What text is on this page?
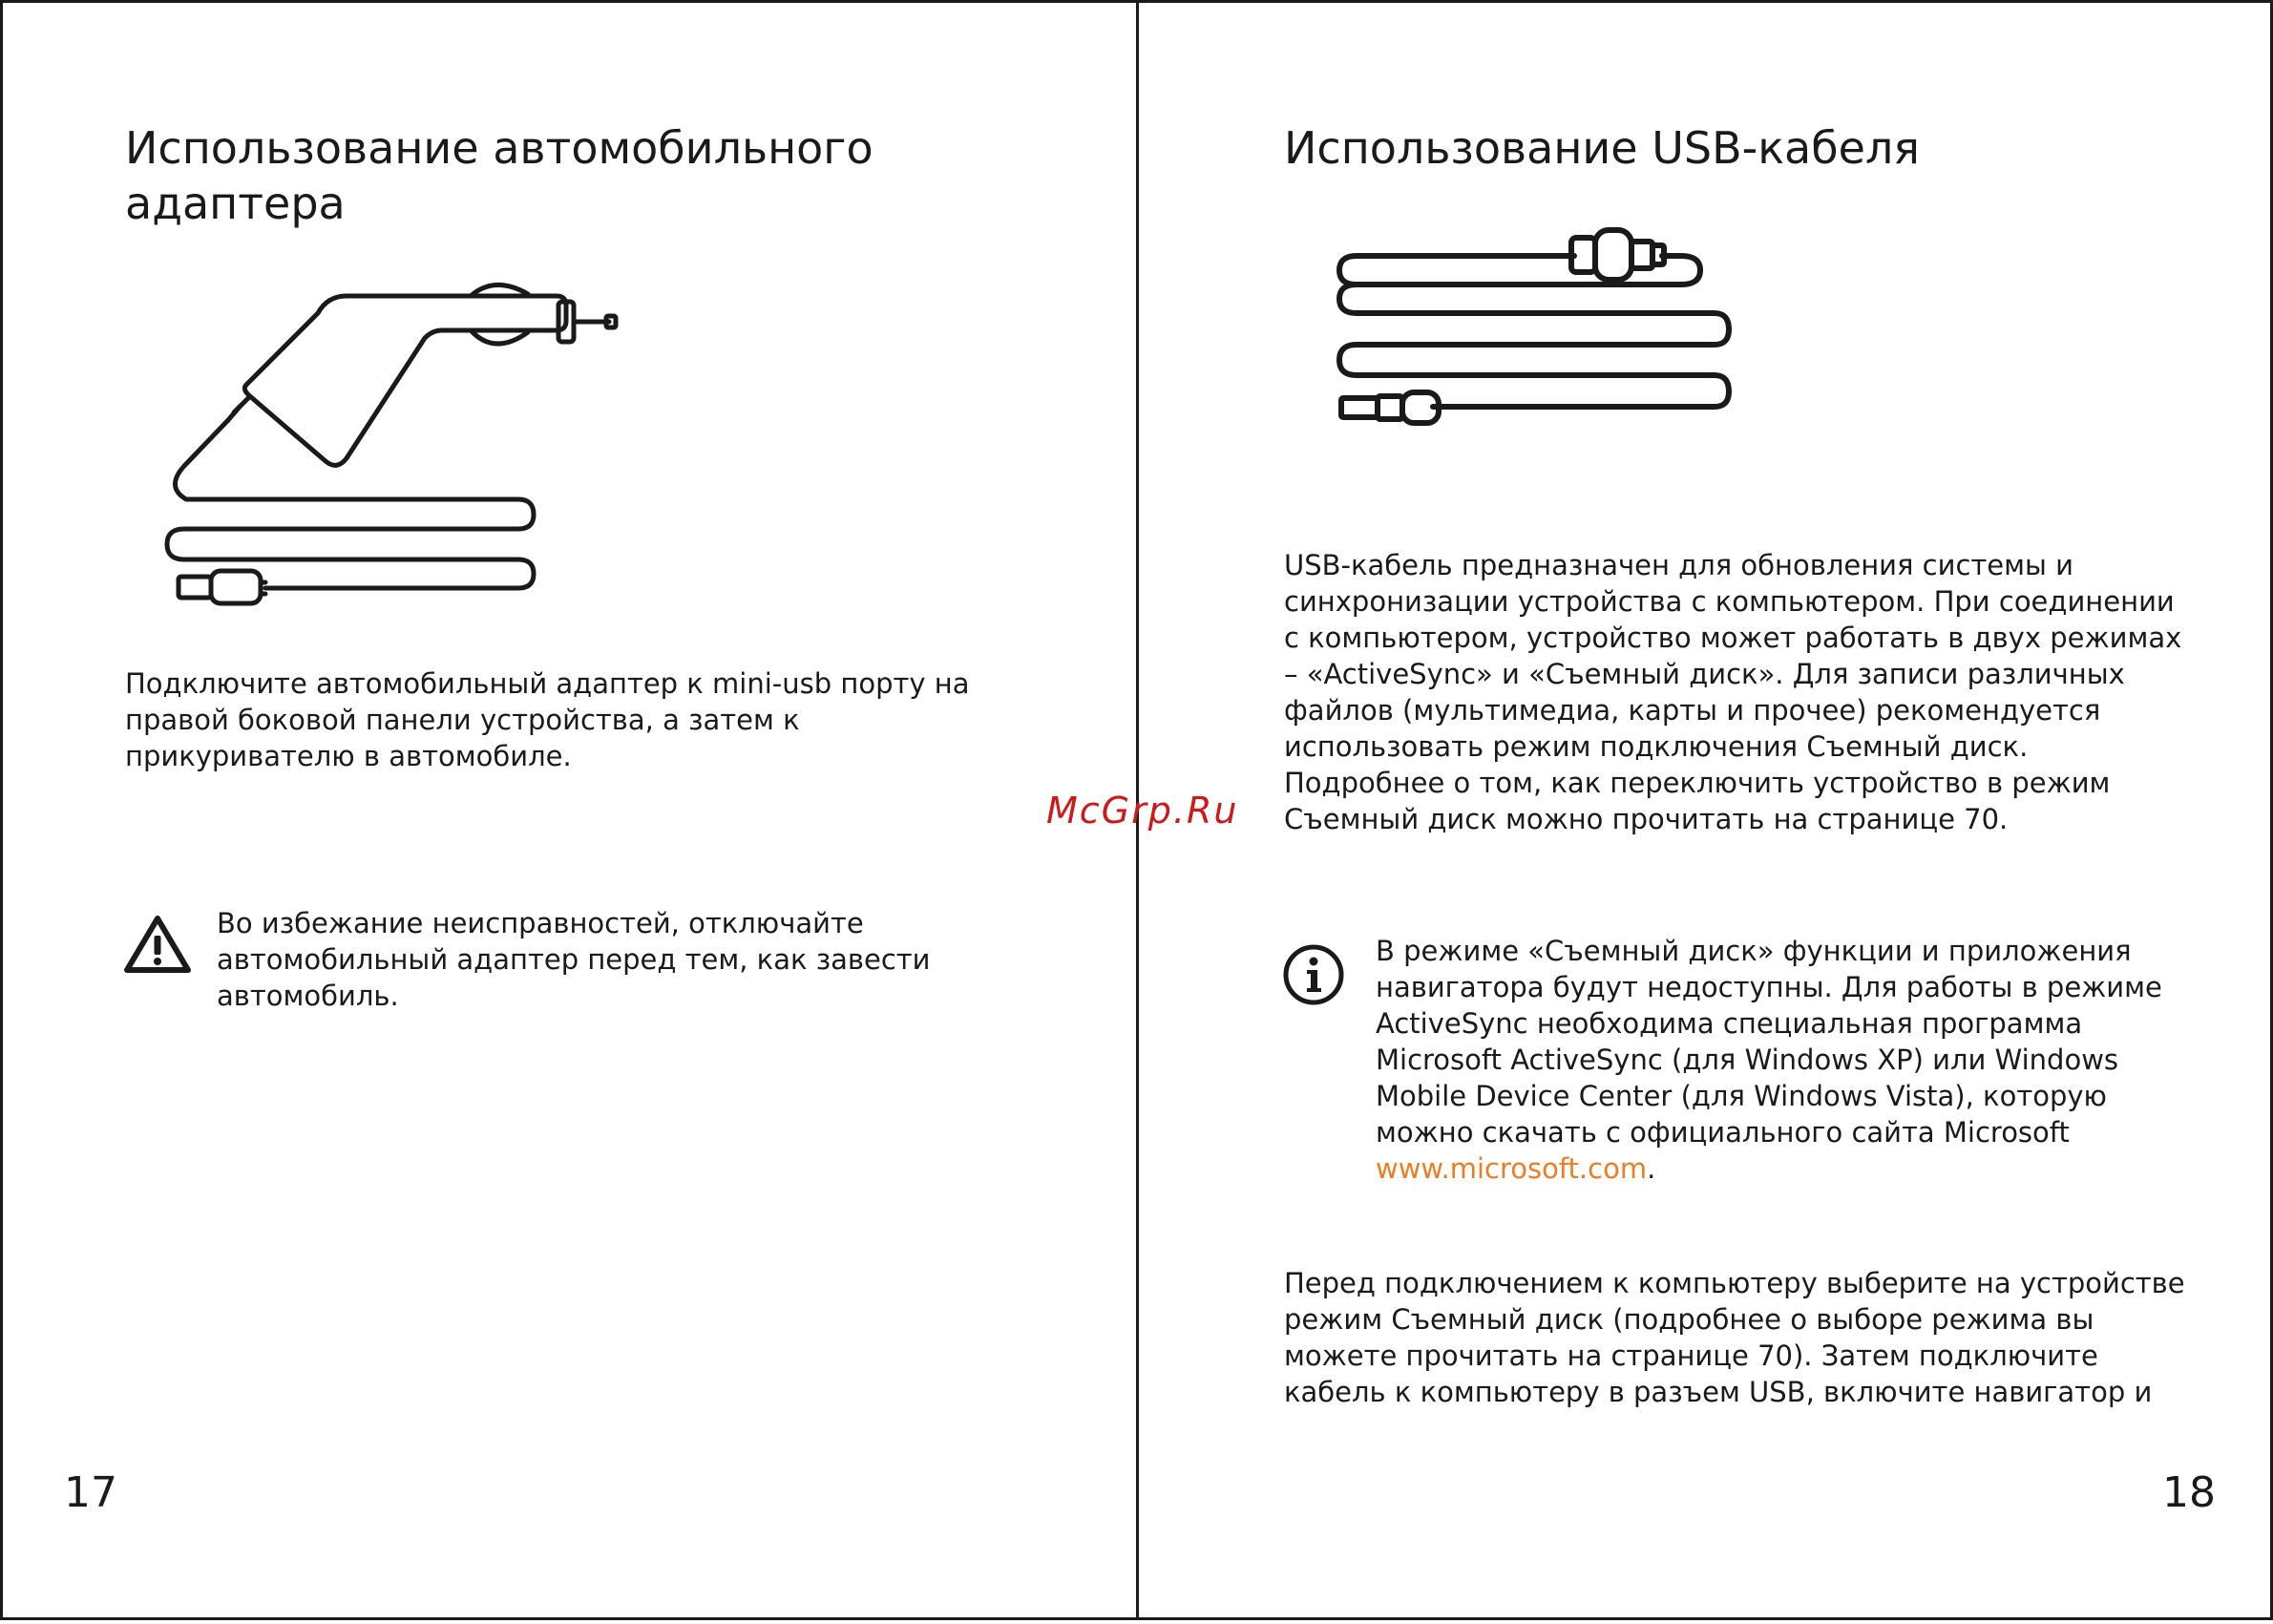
Использование автомобильного
адаптера

Подключите автомобильный адаптер к mini-usb порту на
правой боковой панели устройства, а затем к
прикуривателю в автомобиле.

Во избежание неисправностей, отключайте
автомобильный адаптер перед тем, как завести
автомобиль.

17
Использование USB-кабеля

USB-кабель предназначен для обновления системы и
синхронизации устройства с компьютером. При соединении
с компьютером, устройство может работать в двух режимах
– «ActiveSync» и «Съемный диск». Для записи различных
файлов (мультимедиа, карты и прочее) рекомендуется
использовать режим подключения Съемный диск.
Подробнее о том, как переключить устройство в режим
Съемный диск можно прочитать на странице 70.

В режиме «Съемный диск» функции и приложения
навигатора будут недоступны. Для работы в режиме
ActiveSync необходима специальная программа
Microsoft ActiveSync (для Windows XP) или Windows
Mobile Device Center (для Windows Vista), которую
можно скачать с официального сайта Microsoft
www.microsoft.com.

Перед подключением к компьютеру выберите на устройстве
режим Съемный диск (подробнее о выборе режима вы
можете прочитать на странице 70). Затем подключите
кабель к компьютеру в разъем USB, включите навигатор и

18
McGrp.Ru
